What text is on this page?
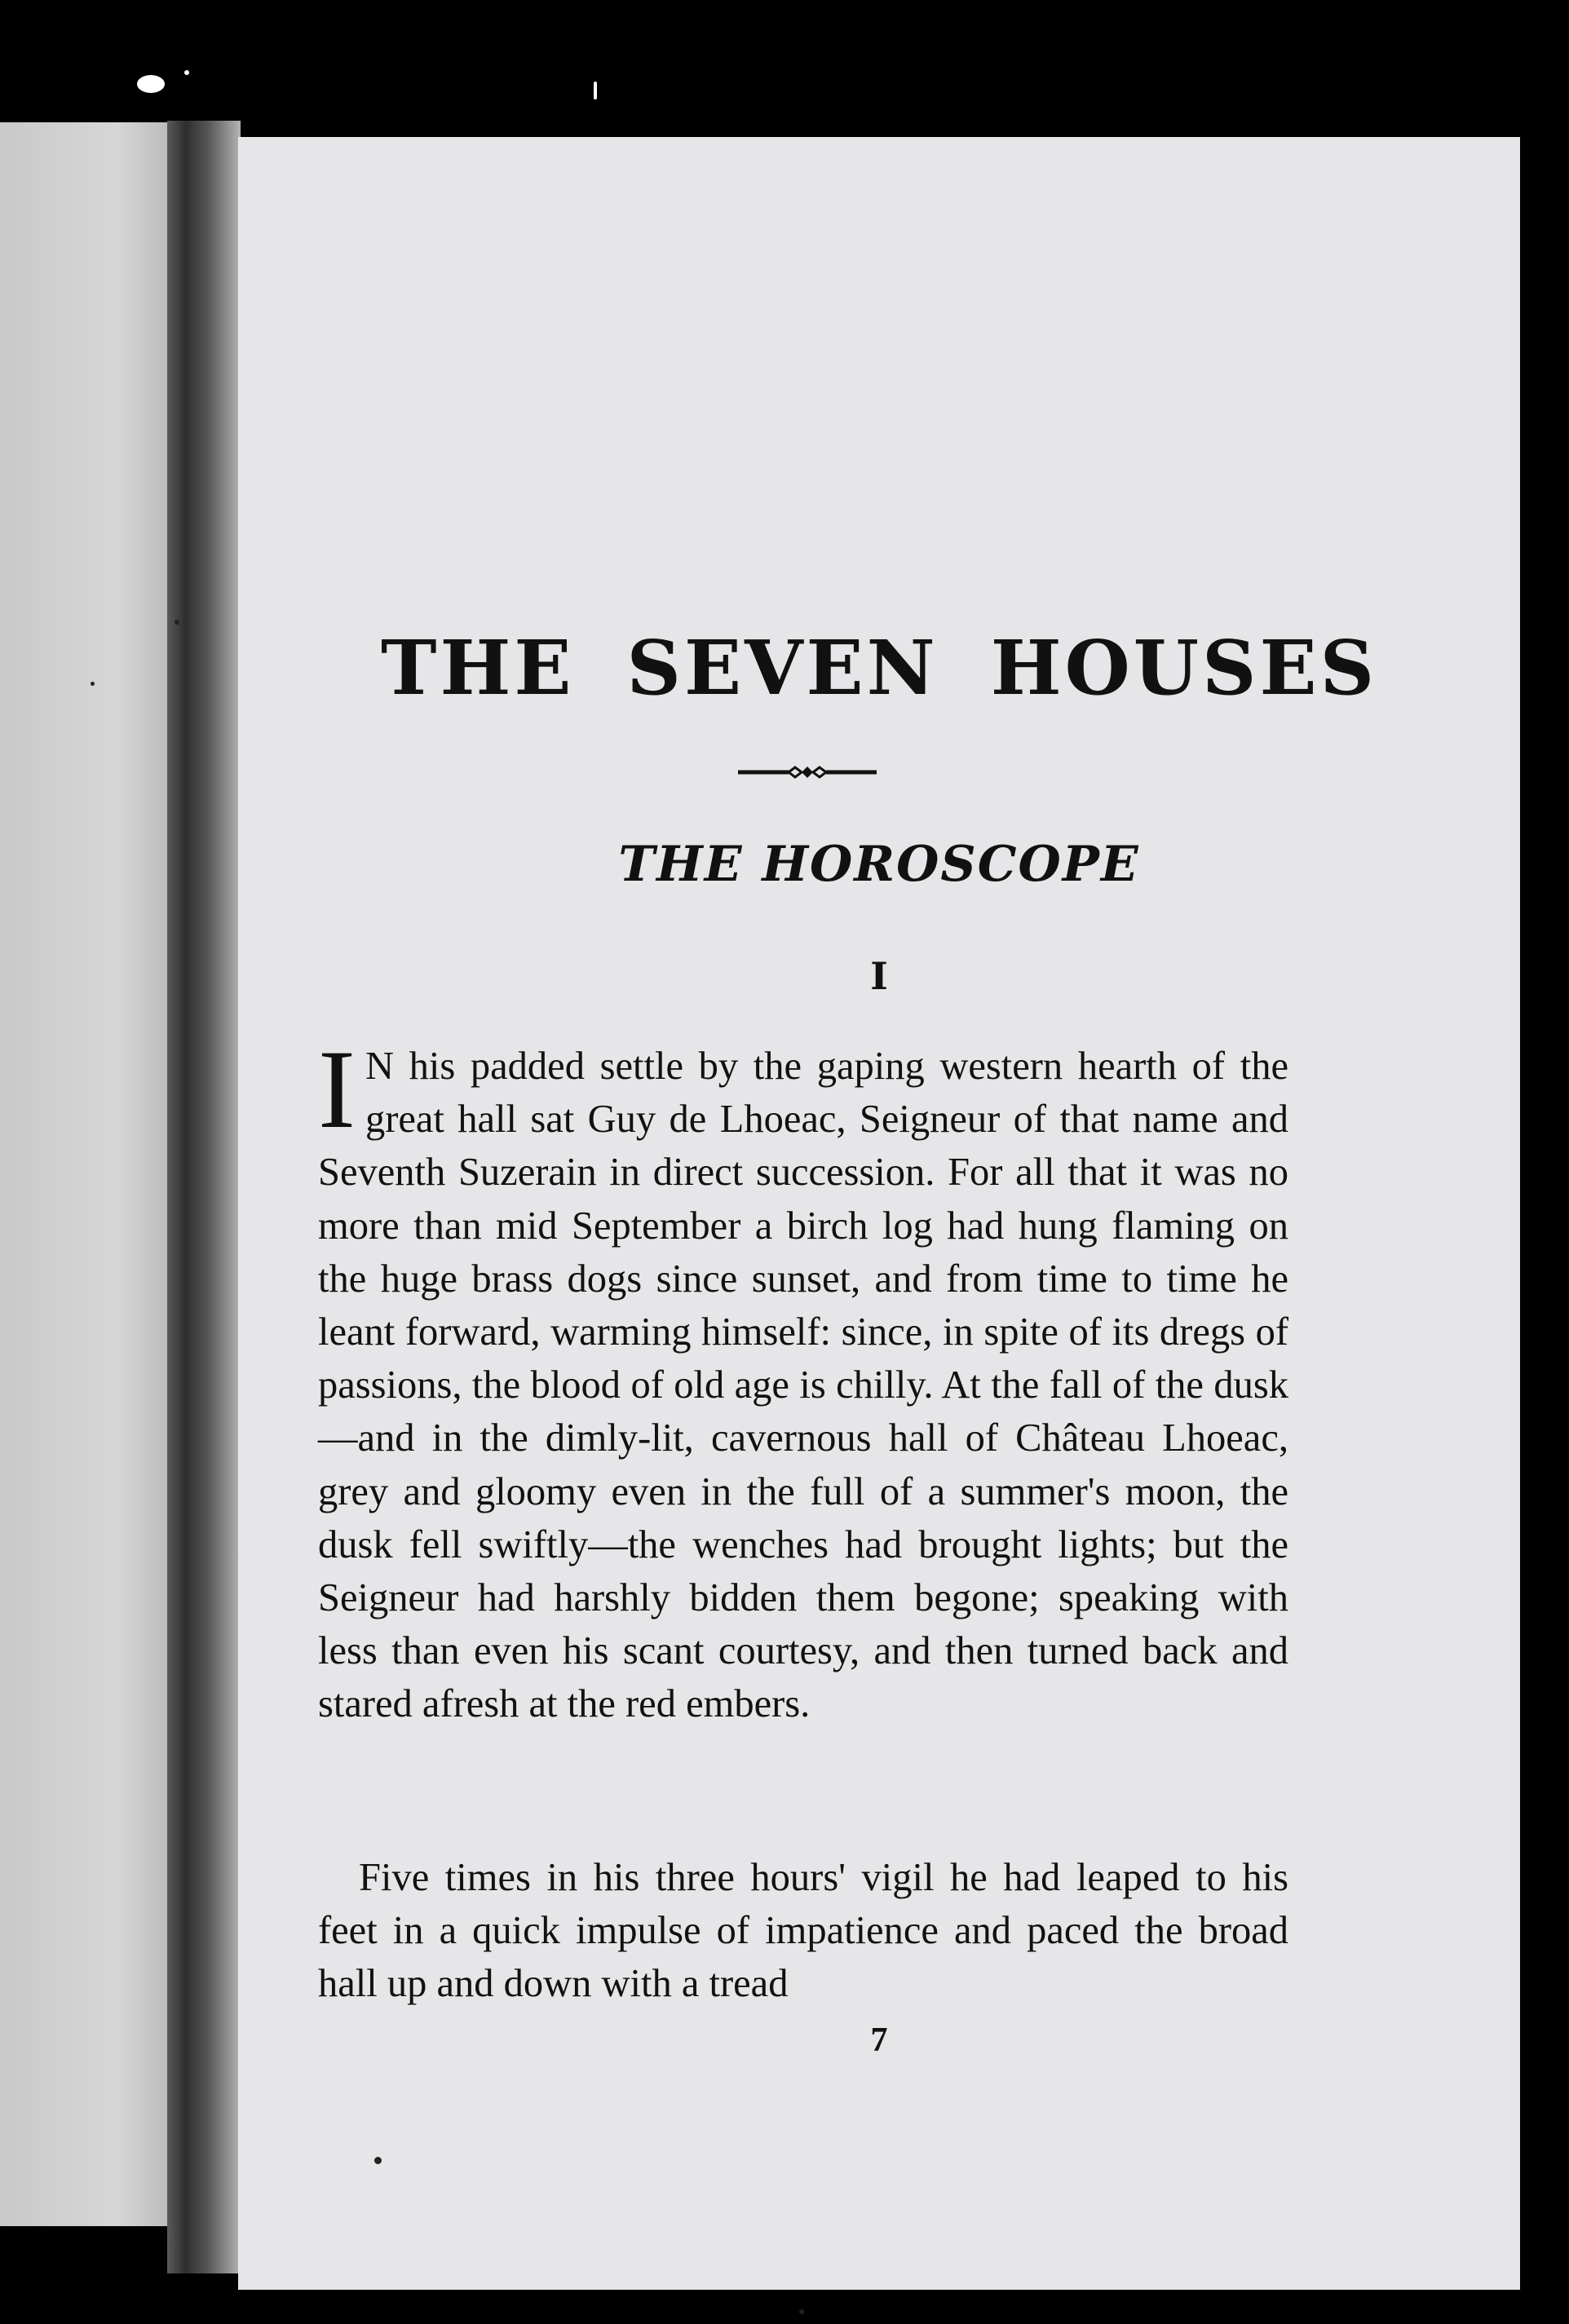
THE SEVEN HOUSES
THE HOROSCOPE
I

I N his padded settle by the gaping western hearth of the great hall sat Guy de Lhoeac, Seigneur of that name and Seventh Suzerain in direct succession. For all that it was no more than mid September a birch log had hung flaming on the huge brass dogs since sunset, and from time to time he leant forward, warming himself: since, in spite of its dregs of passions, the blood of old age is chilly. At the fall of the dusk—and in the dimly-lit, cavernous hall of Château Lhoeac, grey and gloomy even in the full of a summer's moon, the dusk fell swiftly—the wenches had brought lights; but the Seigneur had harshly bidden them begone; speaking with less than even his scant courtesy, and then turned back and stared afresh at the red embers.

Five times in his three hours' vigil he had leaped to his feet in a quick impulse of impatience and paced the broad hall up and down with a tread

7
